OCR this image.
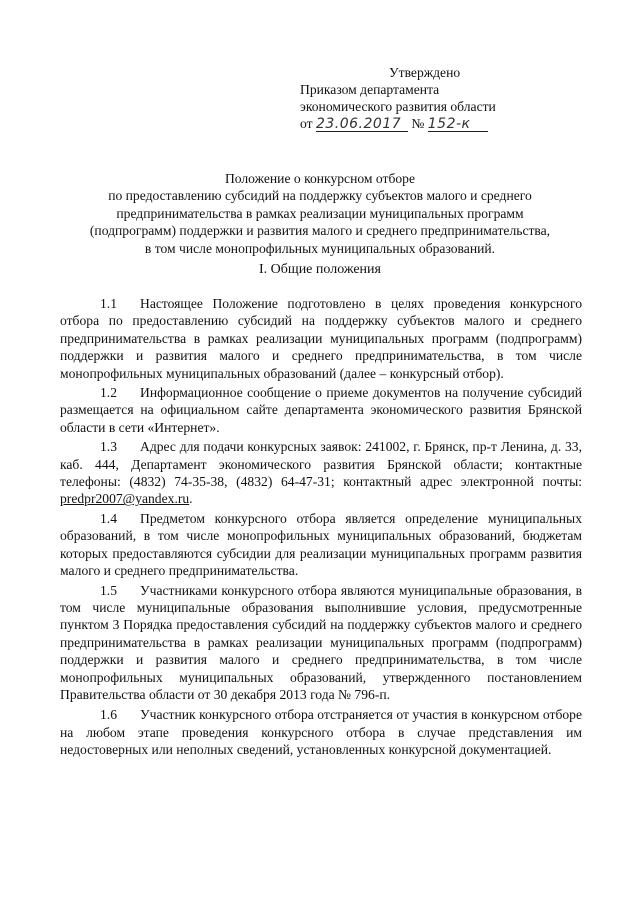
Утверждено
Приказом департамента
экономического развития области
от 23.06.2017 № 152-к
Положение о конкурсном отборе
по предоставлению субсидий на поддержку субъектов малого и среднего
предпринимательства в рамках реализации муниципальных программ
(подпрограмм) поддержки и развития малого и среднего предпринимательства,
в том числе монопрофильных муниципальных образований.
I. Общие положения

1.1 Настоящее Положение подготовлено в целях проведения конкурсного отбора по предоставлению субсидий на поддержку субъектов малого и среднего предпринимательства в рамках реализации муниципальных программ (подпрограмм) поддержки и развития малого и среднего предпринимательства, в том числе монопрофильных муниципальных образований (далее – конкурсный отбор).

1.2 Информационное сообщение о приеме документов на получение субсидий размещается на официальном сайте департамента экономического развития Брянской области в сети «Интернет».

1.3 Адрес для подачи конкурсных заявок: 241002, г. Брянск, пр-т Ленина, д. 33, каб. 444, Департамент экономического развития Брянской области; контактные телефоны: (4832) 74-35-38, (4832) 64-47-31; контактный адрес электронной почты: predpr2007@yandex.ru.

1.4 Предметом конкурсного отбора является определение муниципальных образований, в том числе монопрофильных муниципальных образований, бюджетам которых предоставляются субсидии для реализации муниципальных программ развития малого и среднего предпринимательства.

1.5 Участниками конкурсного отбора являются муниципальные образования, в том числе муниципальные образования выполнившие условия, предусмотренные пунктом 3 Порядка предоставления субсидий на поддержку субъектов малого и среднего предпринимательства в рамках реализации муниципальных программ (подпрограмм) поддержки и развития малого и среднего предпринимательства, в том числе монопрофильных муниципальных образований, утвержденного постановлением Правительства области от 30 декабря 2013 года № 796-п.

1.6 Участник конкурсного отбора отстраняется от участия в конкурсном отборе на любом этапе проведения конкурсного отбора в случае представления им недостоверных или неполных сведений, установленных конкурсной документацией.
